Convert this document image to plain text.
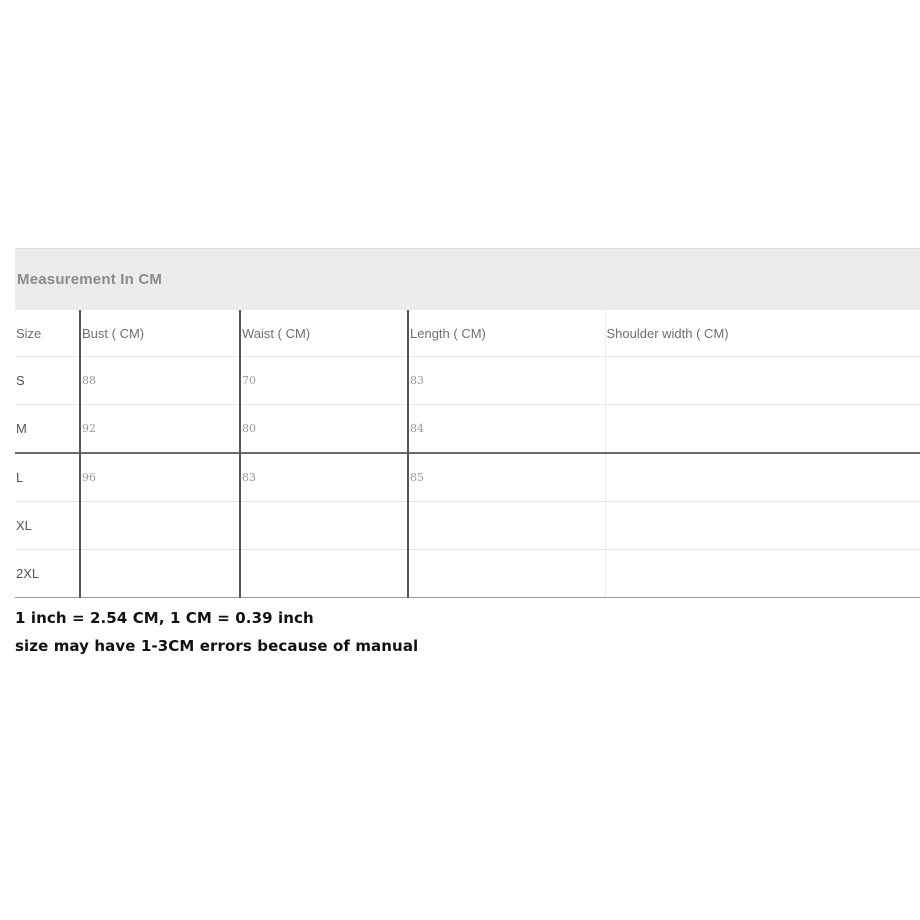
Measurement In CM
Size	Bust ( CM)	Waist ( CM)	Length ( CM)	Shoulder width ( CM)
S	88	70	83	
M	92	80	84	
L	96	83	85	
XL				
2XL				
1 inch = 2.54 CM, 1 CM = 0.39 inch
size may have 1-3CM errors because of manual
